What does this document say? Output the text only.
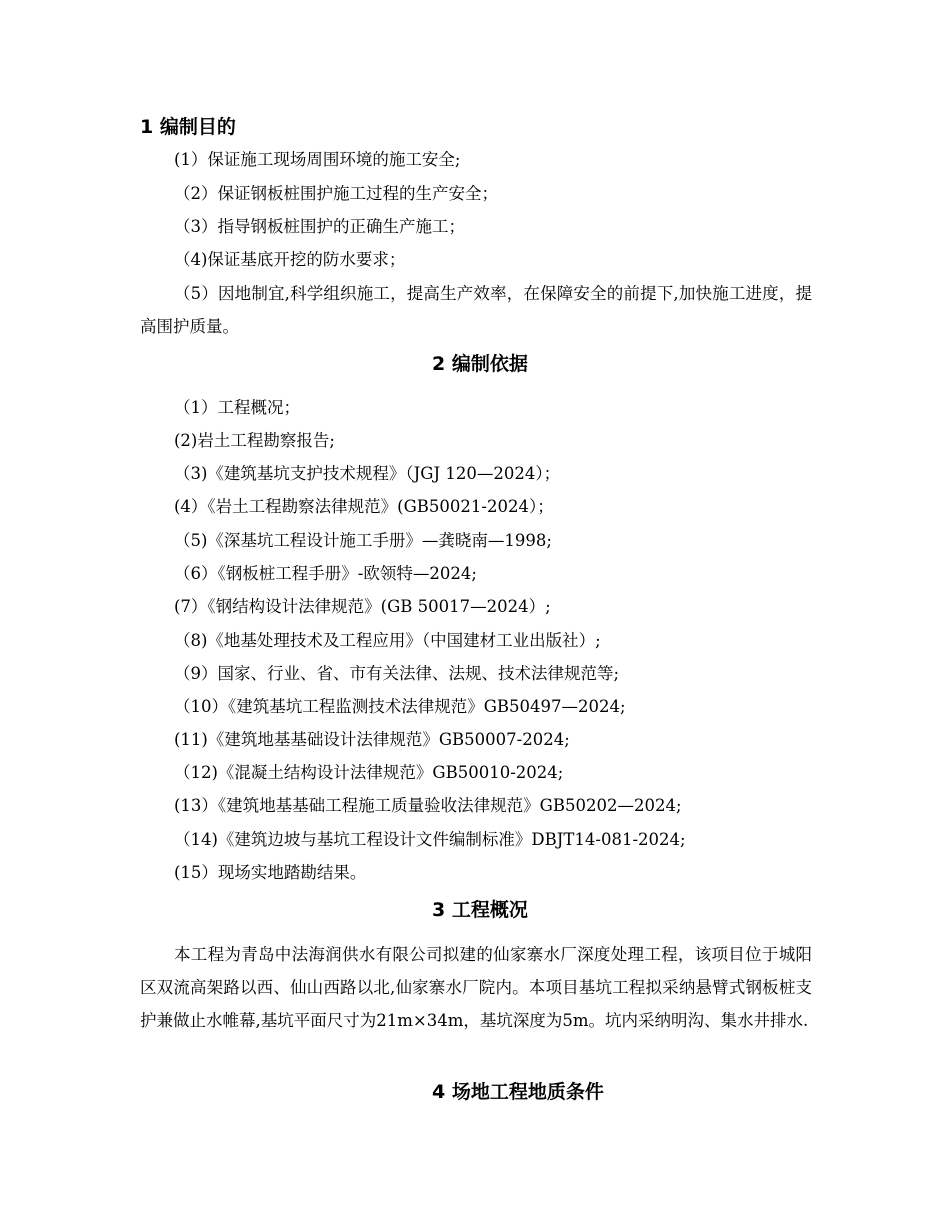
1 编制目的
(1）保证施工现场周围环境的施工安全;
（2）保证钢板桩围护施工过程的生产安全；
（3）指导钢板桩围护的正确生产施工；
（4)保证基底开挖的防水要求；
（5）因地制宜,科学组织施工，提高生产效率，在保障安全的前提下,加快施工进度，提高围护质量。
2 编制依据
（1）工程概况；
(2)岩土工程勘察报告;
（3)《建筑基坑支护技术规程》（JGJ 120—2024）；
(4）《岩土工程勘察法律规范》(GB50021-2024）；
（5)《深基坑工程设计施工手册》—龚晓南—1998;
（6）《钢板桩工程手册》-欧领特—2024;
(7）《钢结构设计法律规范》(GB 50017—2024）;
（8)《地基处理技术及工程应用》（中国建材工业出版社）;
（9）国家、行业、省、市有关法律、法规、技术法律规范等;
（10）《建筑基坑工程监测技术法律规范》GB50497—2024;
(11)《建筑地基基础设计法律规范》GB50007-2024;
（12)《混凝土结构设计法律规范》GB50010-2024;
(13）《建筑地基基础工程施工质量验收法律规范》GB50202—2024;
（14)《建筑边坡与基坑工程设计文件编制标准》DBJT14-081-2024;
(15）现场实地踏勘结果。
3 工程概况
本工程为青岛中法海润供水有限公司拟建的仙家寨水厂深度处理工程，该项目位于城阳区双流高架路以西、仙山西路以北,仙家寨水厂院内。本项目基坑工程拟采纳悬臂式钢板桩支护兼做止水帷幕,基坑平面尺寸为21m×34m，基坑深度为5m。坑内采纳明沟、集水井排水.
4 场地工程地质条件
